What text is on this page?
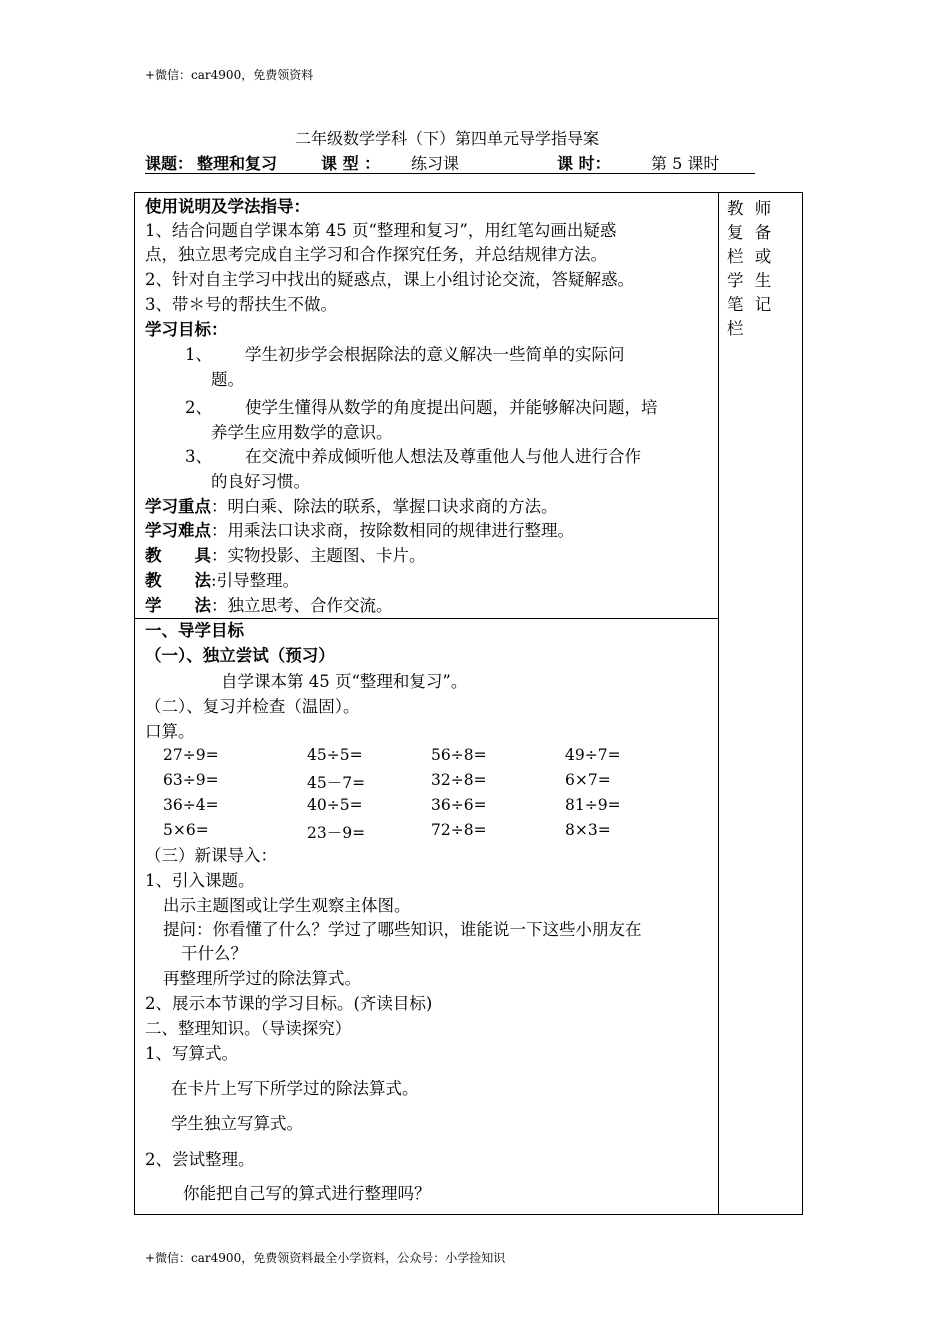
+微信：car4900，免费领资料
二年级数学学科（下）第四单元导学指导案
课题： 整理和复习	课 型 ： 练习课	课 时：	第 5 课时
教 师 复 备 栏 或 学 生 笔 记 栏
使用说明及学法指导：
1、结合问题自学课本第 45 页“整理和复习”，用红笔勾画出疑惑
点，独立思考完成自主学习和合作探究任务，并总结规律方法。
2、针对自主学习中找出的疑惑点，课上小组讨论交流，答疑解惑。
3、带＊号的帮扶生不做。
学习目标：
1、 学生初步学会根据除法的意义解决一些简单的实际问
题。
2、 使学生懂得从数学的角度提出问题，并能够解决问题，培
养学生应用数学的意识。
3、 在交流中养成倾听他人想法及尊重他人与他人进行合作
的良好习惯。
学习重点：明白乘、除法的联系，掌握口诀求商的方法。
学习难点：用乘法口诀求商，按除数相同的规律进行整理。
教　　具：实物投影、主题图、卡片。
教　　法:引导整理。
学　　法：独立思考、合作交流。
一、导学目标
（一）、独立尝试（预习）
自学课本第 45 页“整理和复习”。
（二）、复习并检查（温固）。
口算。
27÷9=	45÷5=	56÷8=	49÷7=
63÷9=	45－7=	32÷8=	6×7=
36÷4=	40÷5=	36÷6=	81÷9=
5×6=	23－9=	72÷8=	8×3=
（三）新课导入：
1、引入课题。
出示主题图或让学生观察主体图。
提问：你看懂了什么？学过了哪些知识，谁能说一下这些小朋友在
干什么？
再整理所学过的除法算式。
2、展示本节课的学习目标。(齐读目标)
二、整理知识。（导读探究）
1、写算式。
在卡片上写下所学过的除法算式。
学生独立写算式。
2、尝试整理。
你能把自己写的算式进行整理吗？
+微信：car4900，免费领资料最全小学资料，公众号：小学捡知识
